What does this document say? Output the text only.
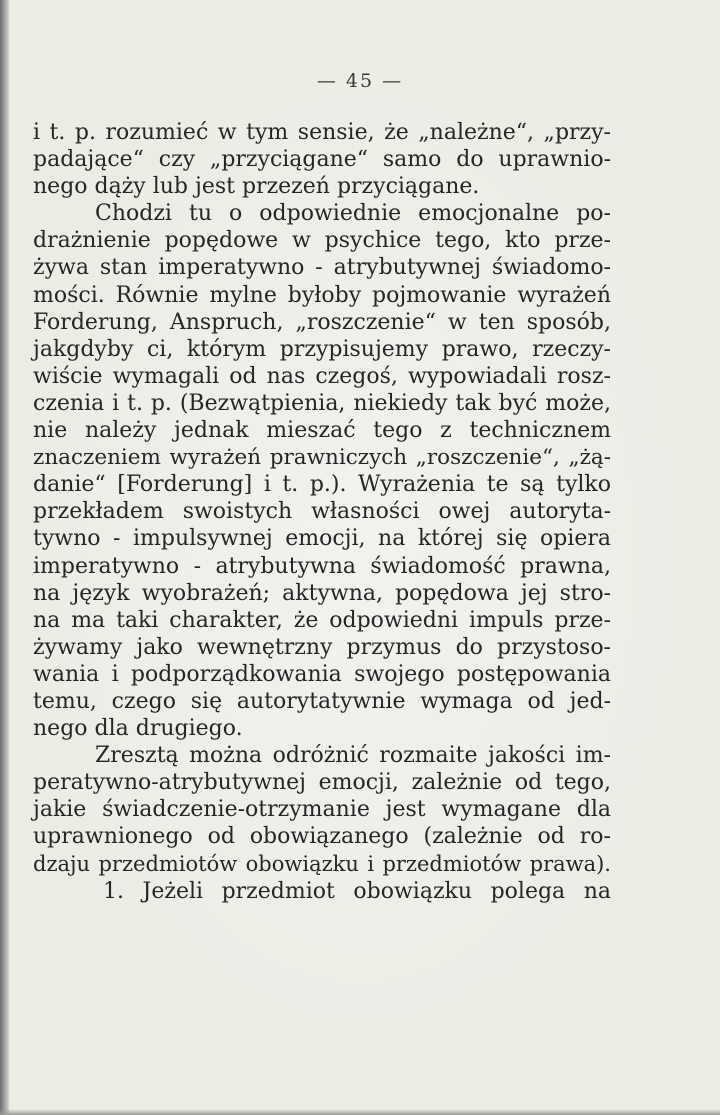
— 45 —
i t. p. rozumieć w tym sensie, że „należne“, „przy-
padające“ czy „przyciągane“ samo do uprawnio-
nego dąży lub jest przezeń przyciągane.
Chodzi tu o odpowiednie emocjonalne po-
drażnienie popędowe w psychice tego, kto prze-
żywa stan imperatywno - atrybutywnej świadomo-
mości. Równie mylne byłoby pojmowanie wyrażeń
Forderung, Anspruch, „roszczenie“ w ten sposób,
jakgdyby ci, którym przypisujemy prawo, rzeczy-
wiście wymagali od nas czegoś, wypowiadali rosz-
czenia i t. p. (Bezwątpienia, niekiedy tak być może,
nie należy jednak mieszać tego z technicznem
znaczeniem wyrażeń prawniczych „roszczenie“, „żą-
danie“ [Forderung] i t. p.). Wyrażenia te są tylko
przekładem swoistych własności owej autoryta-
tywno - impulsywnej emocji, na której się opiera
imperatywno - atrybutywna świadomość prawna,
na język wyobrażeń; aktywna, popędowa jej stro-
na ma taki charakter, że odpowiedni impuls prze-
żywamy jako wewnętrzny przymus do przystoso-
wania i podporządkowania swojego postępowania
temu, czego się autorytatywnie wymaga od jed-
nego dla drugiego.
Zresztą można odróżnić rozmaite jakości im-
peratywno-atrybutywnej emocji, zależnie od tego,
jakie świadczenie-otrzymanie jest wymagane dla
uprawnionego od obowiązanego (zależnie od ro-
dzaju przedmiotów obowiązku i przedmiotów prawa).
1. Jeżeli przedmiot obowiązku polega na
